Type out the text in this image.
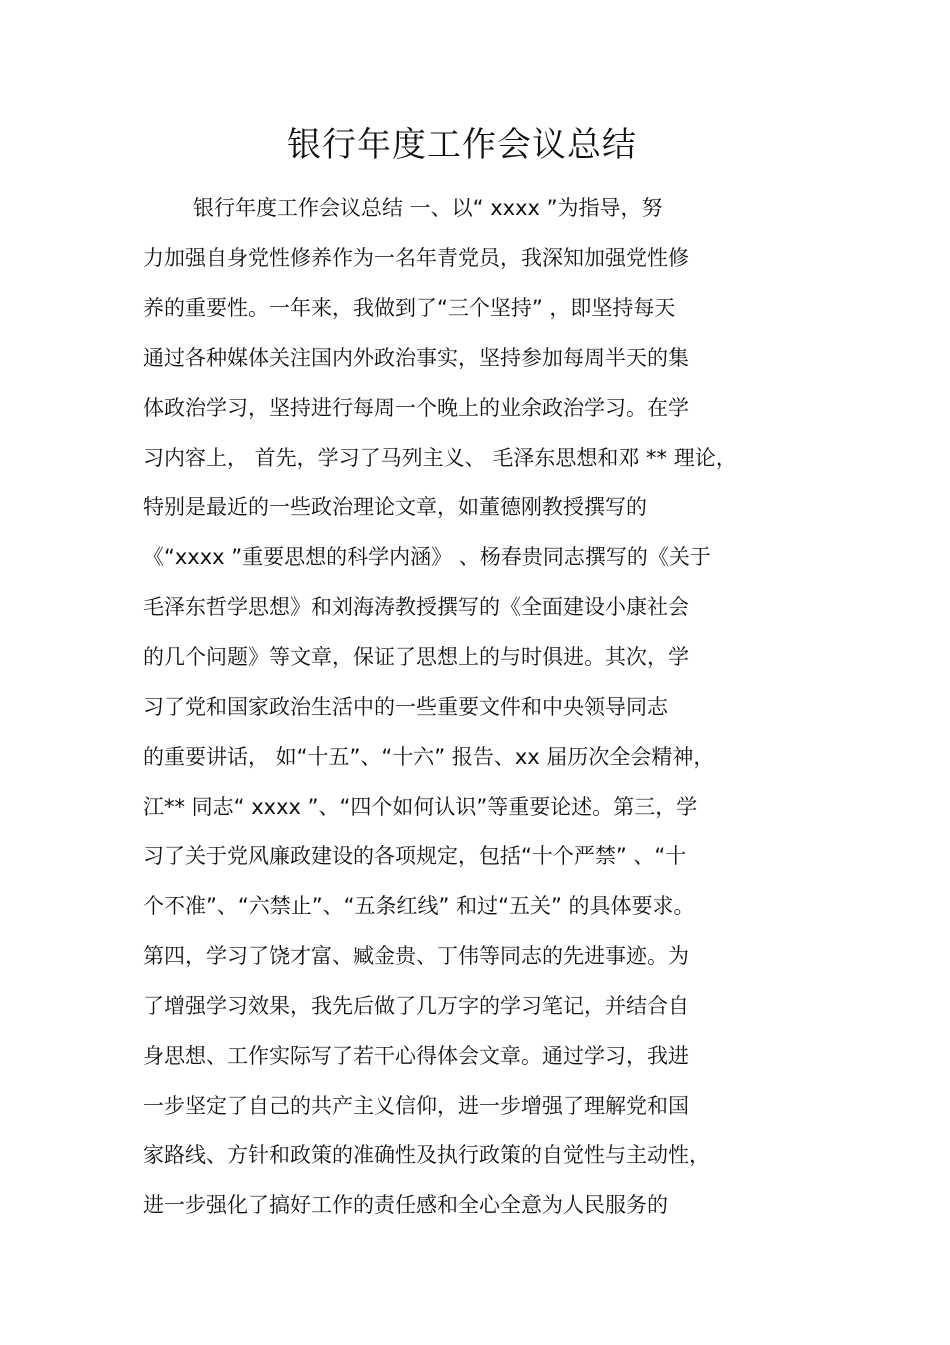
银行年度工作会议总结
银行年度工作会议总结 一、以“ xxxx ”为指导，努
力加强自身党性修养作为一名年青党员，我深知加强党性修
养的重要性。一年来，我做到了“三个坚持” ，即坚持每天
通过各种媒体关注国内外政治事实，坚持参加每周半天的集
体政治学习，坚持进行每周一个晚上的业余政治学习。在学
习内容上， 首先，学习了马列主义、 毛泽东思想和邓 ** 理论，
特别是最近的一些政治理论文章，如董德刚教授撰写的
《“xxxx ”重要思想的科学内涵》 、杨春贵同志撰写的《关于
毛泽东哲学思想》和刘海涛教授撰写的《全面建设小康社会
的几个问题》等文章，保证了思想上的与时俱进。其次，学
习了党和国家政治生活中的一些重要文件和中央领导同志
的重要讲话， 如“十五”、“十六” 报告、xx 届历次全会精神，
江** 同志“ xxxx ”、“四个如何认识”等重要论述。第三，学
习了关于党风廉政建设的各项规定，包括“十个严禁” 、“十
个不准”、“六禁止”、“五条红线” 和过“五关” 的具体要求。
第四，学习了饶才富、臧金贵、丁伟等同志的先进事迹。为
了增强学习效果，我先后做了几万字的学习笔记，并结合自
身思想、工作实际写了若干心得体会文章。通过学习，我进
一步坚定了自己的共产主义信仰，进一步增强了理解党和国
家路线、方针和政策的准确性及执行政策的自觉性与主动性，
进一步强化了搞好工作的责任感和全心全意为人民服务的
